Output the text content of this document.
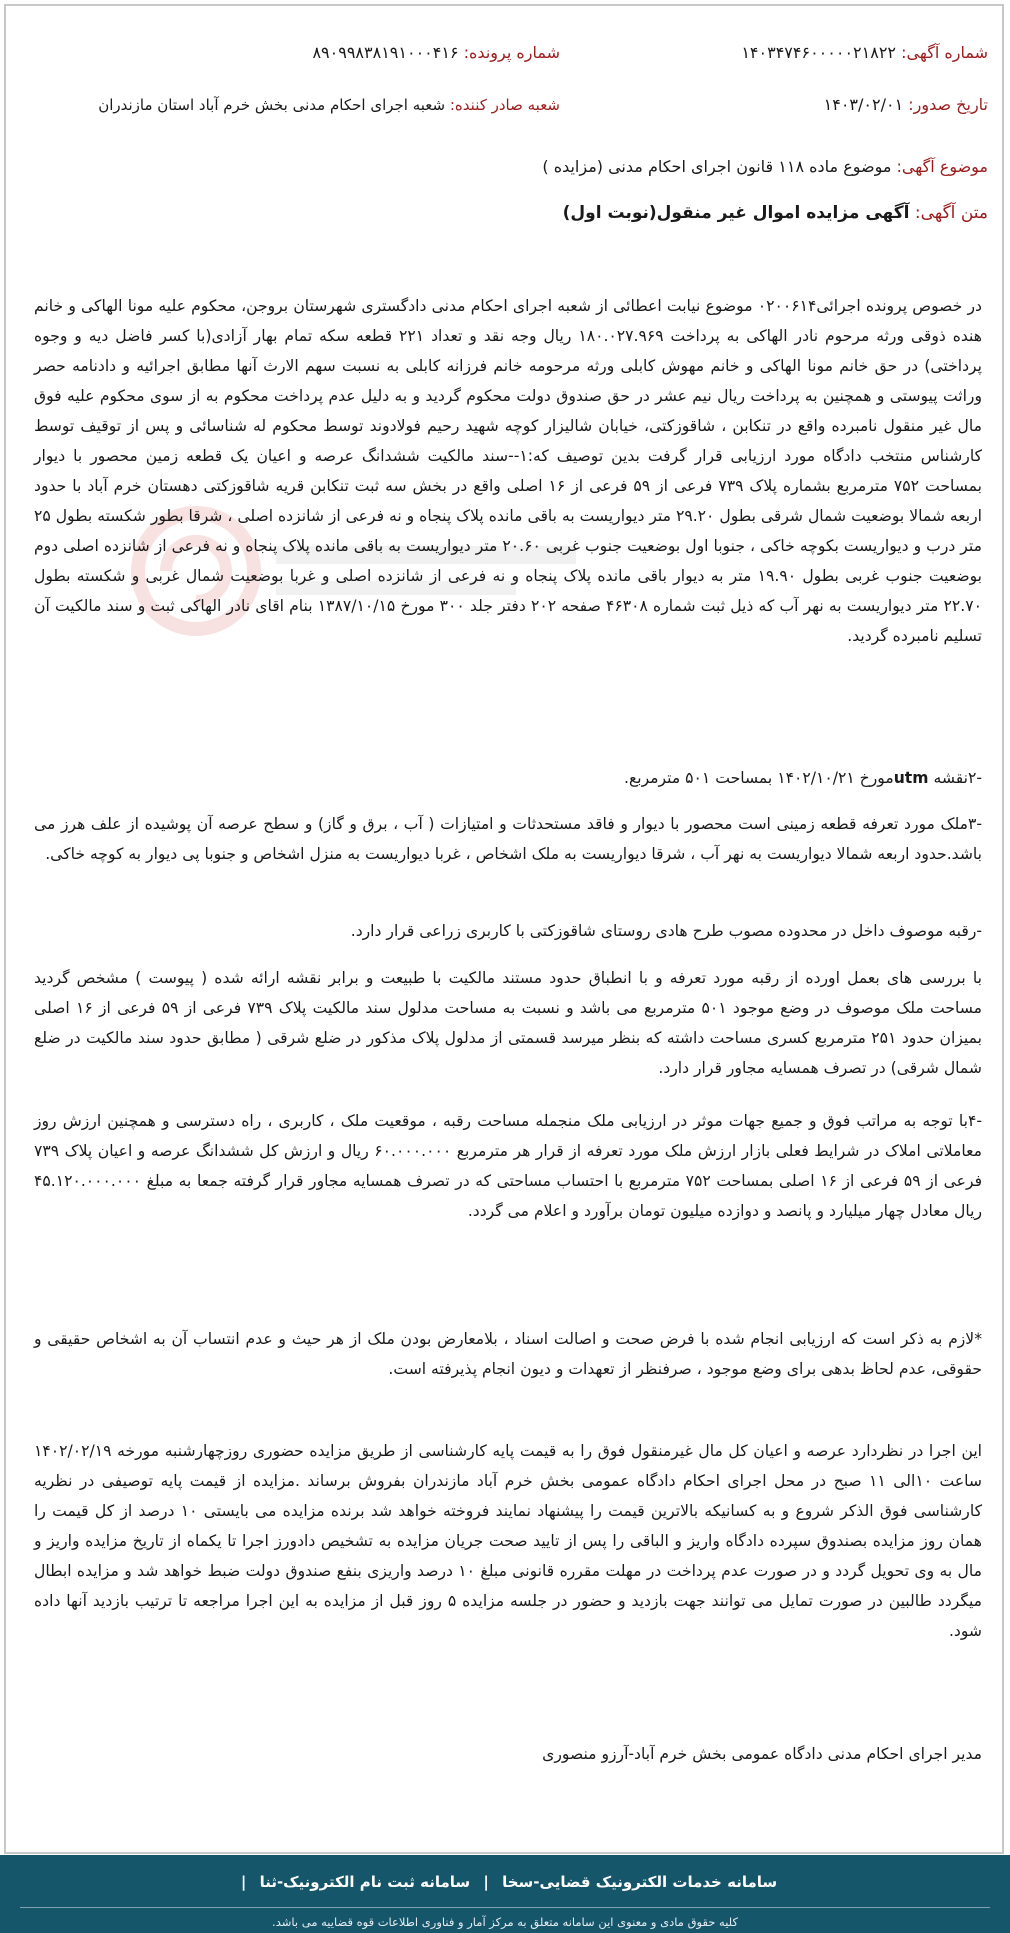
شماره آگهی: ۱۴۰۳۴۷۴۶۰۰۰۰۰۲۱۸۲۲
شماره پرونده: ۸۹۰۹۹۸۳۸۱۹۱۰۰۰۴۱۶
تاریخ صدور: ۱۴۰۳/۰۲/۰۱
شعبه صادر کننده: شعبه اجرای احکام مدنی بخش خرم آباد استان مازندران
موضوع آگهی: موضوع ماده ۱۱۸ قانون اجرای احکام مدنی (مزایده )
متن آگهی: آگهی مزایده اموال غیر منقول(نوبت اول)

در خصوص پرونده اجرائی۰۲۰۰۶۱۴ موضوع نیابت اعطائی از شعبه اجرای احکام مدنی دادگستری شهرستان بروجن، محکوم علیه مونا الهاکی و خانم هنده ذوقی ورثه مرحوم نادر الهاکی به پرداخت ۱۸۰.۰۲۷.۹۶۹ ریال وجه نقد و تعداد ۲۲۱ قطعه سکه تمام بهار آزادی(با کسر فاضل دیه و وجوه پرداختی) در حق خانم مونا الهاکی و خانم مهوش کابلی ورثه مرحومه خانم فرزانه کابلی به نسبت سهم الارث آنها مطابق اجرائیه و دادنامه حصر وراثت پیوستی و همچنین به پرداخت ریال نیم عشر در حق صندوق دولت محکوم گردید و به دلیل عدم پرداخت محکوم به از سوی محکوم علیه فوق مال غیر منقول نامبرده واقع در تنکابن ، شاقوزکتی، خیابان شالیزار کوچه شهید رحیم فولادوند توسط محکوم له شناسائی و پس از توقیف توسط کارشناس منتخب دادگاه مورد ارزیابی قرار گرفت بدین توصیف که:۱--سند مالکیت ششدانگ عرصه و اعیان یک قطعه زمین محصور با دیوار بمساحت ۷۵۲ مترمربع بشماره پلاک ۷۳۹ فرعی از ۵۹ فرعی از ۱۶ اصلی واقع در بخش سه ثبت تنکابن قریه شاقوزکتی دهستان خرم آباد با حدود اربعه شمالا بوضعیت شمال شرقی بطول ۲۹.۲۰ متر دیواریست به باقی مانده پلاک پنجاه و نه فرعی از شانزده اصلی ، شرقا بطور شکسته بطول ۲۵ متر درب و دیواریست بکوچه خاکی ، جنوبا اول بوضعیت جنوب غربی ۲۰.۶۰ متر دیواریست به باقی مانده پلاک پنجاه و نه فرعی از شانزده اصلی دوم بوضعیت جنوب غربی بطول ۱۹.۹۰ متر به دیوار باقی مانده پلاک پنجاه و نه فرعی از شانزده اصلی و غربا بوضعیت شمال غربی و شکسته بطول ۲۲.۷۰ متر دیواریست به نهر آب که ذیل ثبت شماره ۴۶۳۰۸ صفحه ۲۰۲ دفتر جلد ۳۰۰ مورخ ۱۳۸۷/۱۰/۱۵ بنام اقای نادر الهاکی ثبت و سند مالکیت آن تسلیم نامبرده گردید.

-۲نقشه utmمورخ ۱۴۰۲/۱۰/۲۱ بمساحت ۵۰۱ مترمربع.

-۳ملک مورد تعرفه قطعه زمینی است محصور با دیوار و فاقد مستحدثات و امتیازات ( آب ، برق و گاز) و سطح عرصه آن پوشیده از علف هرز می باشد.حدود اربعه شمالا دیواریست به نهر آب ، شرقا دیواریست به ملک اشخاص ، غربا دیواریست به منزل اشخاص و جنوبا پی دیوار به کوچه خاکی.

-رقبه موصوف داخل در محدوده مصوب طرح هادی روستای شاقوزکتی با کاربری زراعی قرار دارد.

با بررسی های بعمل اورده از رقبه مورد تعرفه و با انطباق حدود مستند مالکیت با طبیعت و برابر نقشه ارائه شده ( پیوست ) مشخص گردید مساحت ملک موصوف در وضع موجود ۵۰۱ مترمربع می باشد و نسبت به مساحت مدلول سند مالکیت پلاک ۷۳۹ فرعی از ۵۹ فرعی از ۱۶ اصلی بمیزان حدود ۲۵۱ مترمربع کسری مساحت داشته که بنظر میرسد قسمتی از مدلول پلاک مذکور در ضلع شرقی ( مطابق حدود سند مالکیت در ضلع شمال شرقی) در تصرف همسایه مجاور قرار دارد.

-۴با توجه به مراتب فوق و جمیع جهات موثر در ارزیابی ملک منجمله مساحت رقبه ، موقعیت ملک ، کاربری ، راه دسترسی و همچنین ارزش روز معاملاتی املاک در شرایط فعلی بازار ارزش ملک مورد تعرفه از قرار هر مترمربع ۶۰.۰۰۰.۰۰۰ ریال و ارزش کل ششدانگ عرصه و اعیان پلاک ۷۳۹ فرعی از ۵۹ فرعی از ۱۶ اصلی بمساحت ۷۵۲ مترمربع با احتساب مساحتی که در تصرف همسایه مجاور قرار گرفته جمعا به مبلغ ۴۵.۱۲۰.۰۰۰.۰۰۰ ریال معادل چهار میلیارد و پانصد و دوازده میلیون تومان برآورد و اعلام می گردد.

*لازم به ذکر است که ارزیابی انجام شده با فرض صحت و اصالت اسناد ، بلامعارض بودن ملک از هر حیث و عدم انتساب آن به اشخاص حقیقی و حقوقی، عدم لحاظ بدهی برای وضع موجود ، صرفنظر از تعهدات و دیون انجام پذیرفته است.

این اجرا در نظردارد عرصه و اعیان کل مال غیرمنقول فوق را به قیمت پایه کارشناسی از طریق مزایده حضوری روزچهارشنبه مورخه ۱۴۰۲/۰۲/۱۹ ساعت ۱۰الی ۱۱ صبح در محل اجرای احکام دادگاه عمومی بخش خرم آباد مازندران بفروش برساند .مزایده از قیمت پایه توصیفی در نظریه کارشناسی فوق الذکر شروع و به کسانیکه بالاترین قیمت را پیشنهاد نمایند فروخته خواهد شد برنده مزایده می بایستی ۱۰ درصد از کل قیمت را همان روز مزایده بصندوق سپرده دادگاه واریز و الباقی را پس از تایید صحت جریان مزایده به تشخیص دادورز اجرا تا یکماه از تاریخ مزایده واریز و مال به وی تحویل گردد و در صورت عدم پرداخت در مهلت مقرره قانونی مبلغ ۱۰ درصد واریزی بنفع صندوق دولت ضبط خواهد شد و مزایده ابطال میگردد طالبین در صورت تمایل می توانند جهت بازدید و حضور در جلسه مزایده ۵ روز قبل از مزایده به این اجرا مراجعه تا ترتیب بازدید آنها داده شود.

مدیر اجرای احکام مدنی دادگاه عمومی بخش خرم آباد-آرزو منصوری

سامانه خدمات الکترونیک قضایی-سخا | سامانه ثبت نام الکترونیک-ثنا |
کلیه حقوق مادی و معنوی این سامانه متعلق به مرکز آمار و فناوری اطلاعات قوه قضاییه می باشد.
